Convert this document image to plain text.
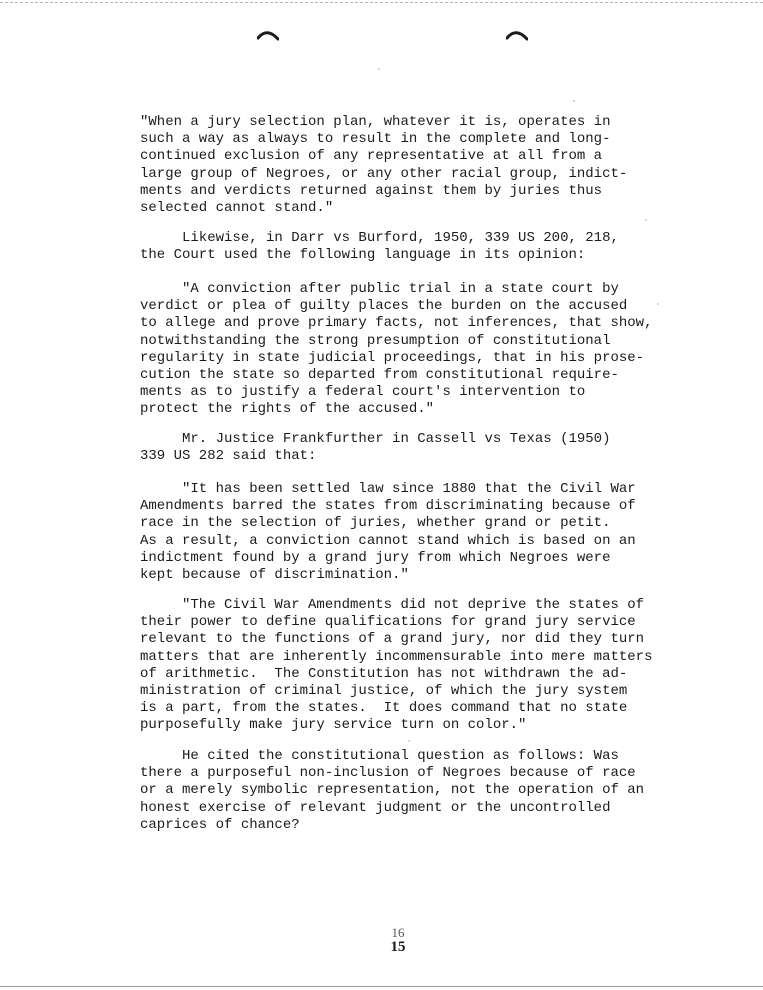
"When a jury selection plan, whatever it is, operates in
such a way as always to result in the complete and long-
continued exclusion of any representative at all from a
large group of Negroes, or any other racial group, indict-
ments and verdicts returned against them by juries thus
selected cannot stand."

Likewise, in Darr vs Burford, 1950, 339 US 200, 218,
the Court used the following language in its opinion:

"A conviction after public trial in a state court by
verdict or plea of guilty places the burden on the accused
to allege and prove primary facts, not inferences, that show,
notwithstanding the strong presumption of constitutional
regularity in state judicial proceedings, that in his prose-
cution the state so departed from constitutional require-
ments as to justify a federal court's intervention to
protect the rights of the accused."

Mr. Justice Frankfurther in Cassell vs Texas (1950)
339 US 282 said that:

"It has been settled law since 1880 that the Civil War
Amendments barred the states from discriminating because of
race in the selection of juries, whether grand or petit.
As a result, a conviction cannot stand which is based on an
indictment found by a grand jury from which Negroes were
kept because of discrimination."

"The Civil War Amendments did not deprive the states of
their power to define qualifications for grand jury service
relevant to the functions of a grand jury, nor did they turn
matters that are inherently incommensurable into mere matters
of arithmetic.  The Constitution has not withdrawn the ad-
ministration of criminal justice, of which the jury system
is a part, from the states.  It does command that no state
purposefully make jury service turn on color."

He cited the constitutional question as follows: Was
there a purposeful non-inclusion of Negroes because of race
or a merely symbolic representation, not the operation of an
honest exercise of relevant judgment or the uncontrolled
caprices of chance?

16
15
